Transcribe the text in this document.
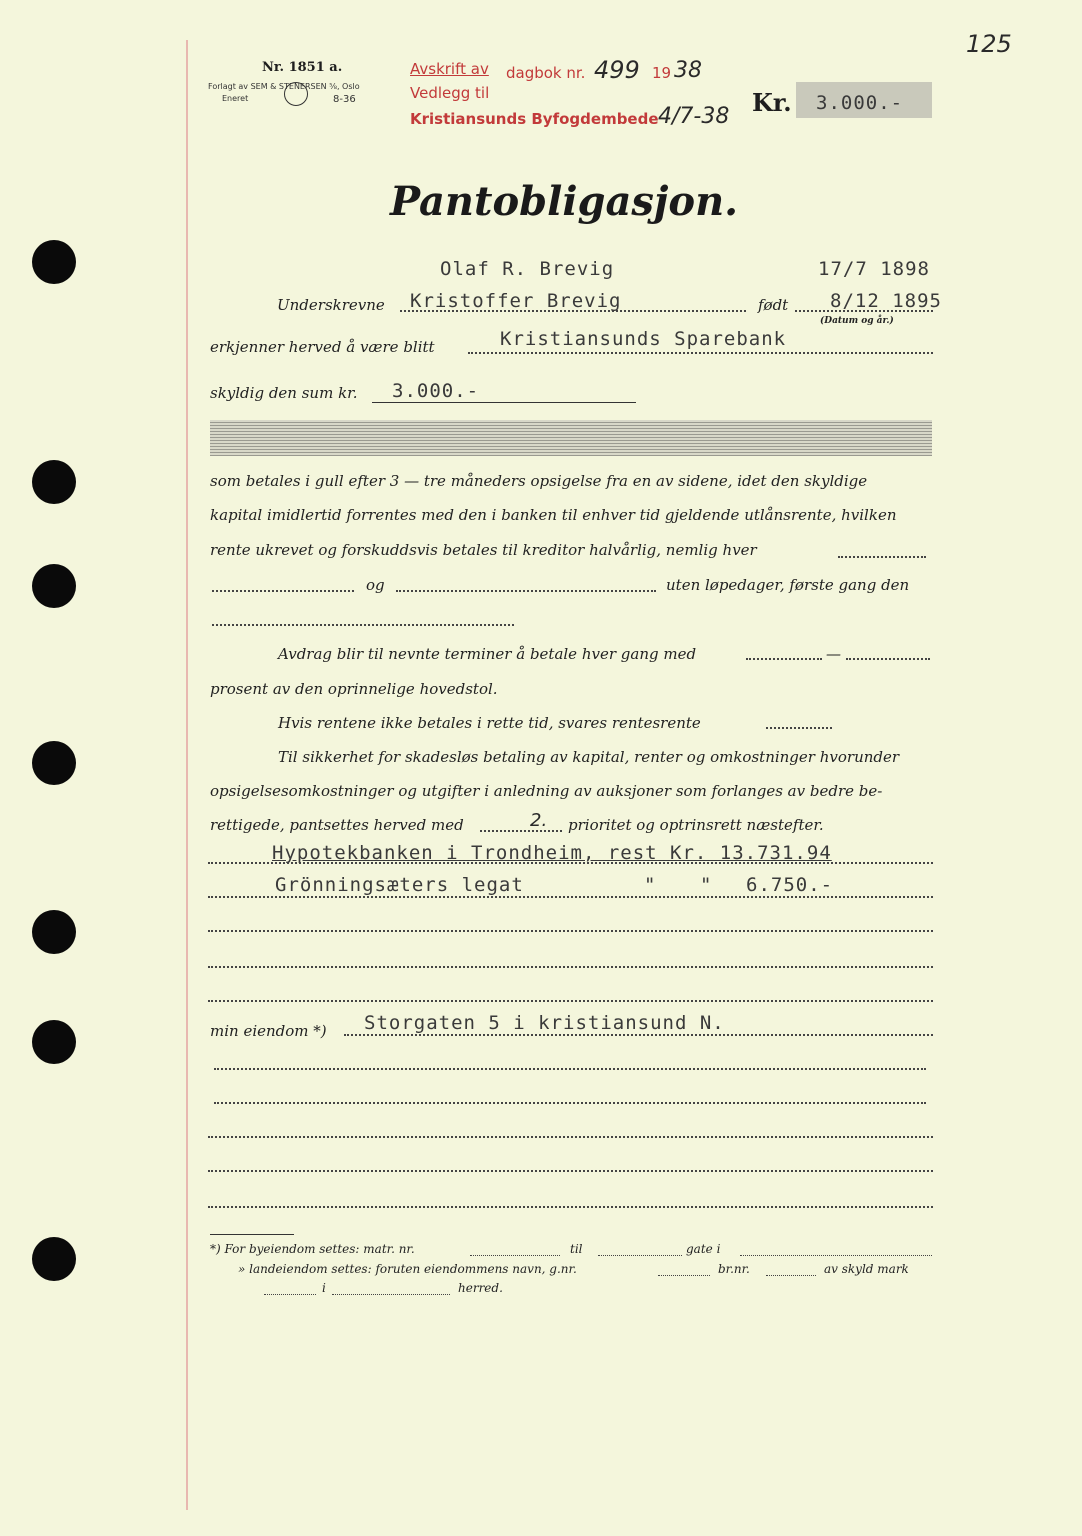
125
Nr. 1851 a.
Forlagt av SEM & STENERSEN ⅝, Oslo
Eneret	8-36
Avskrift av dagbok nr. 499 19 38
Vedlegg til
Kristiansunds Byfogdembede 4/7-38 Kr. 3.000.-
Pantobligasjon.
Olaf R. Brevig	17/7 1898
Underskrevne Kristoffer Brevig	født 8/12 1895
(Datum og år.)
erkjenner herved å være blitt	Kristiansunds Sparebank
skyldig den sum kr. 3.000.-
som betales i gull efter 3 — tre måneders opsigelse fra en av sidene, idet den skyldige
kapital imidlertid forrentes med den i banken til enhver tid gjeldende utlånsrente, hvilken
rente ukrevet og forskuddsvis betales til kreditor halvårlig, nemlig hver
og	uten løpedager, første gang den
Avdrag blir til nevnte terminer å betale hver gang med	—
prosent av den oprinnelige hovedstol.
Hvis rentene ikke betales i rette tid, svares rentesrente
Til sikkerhet for skadesløs betaling av kapital, renter og omkostninger hvorunder
opsigelsesomkostninger og utgifter i anledning av auksjoner som forlanges av bedre be-
rettigede, pantsettes herved med	2. prioritet og optrinsrett næstefter.
Hypotekbanken i Trondheim, rest Kr. 13.731.94
Grönningsæters legat	" " 6.750.-
min eiendom *) Storgaten 5 i kristiansund N.
*) For byeiendom settes: matr. nr.	til	gate i
» landeiendom settes: foruten eiendommens navn, g.nr.	br.nr.	av skyld mark
i	herred.
